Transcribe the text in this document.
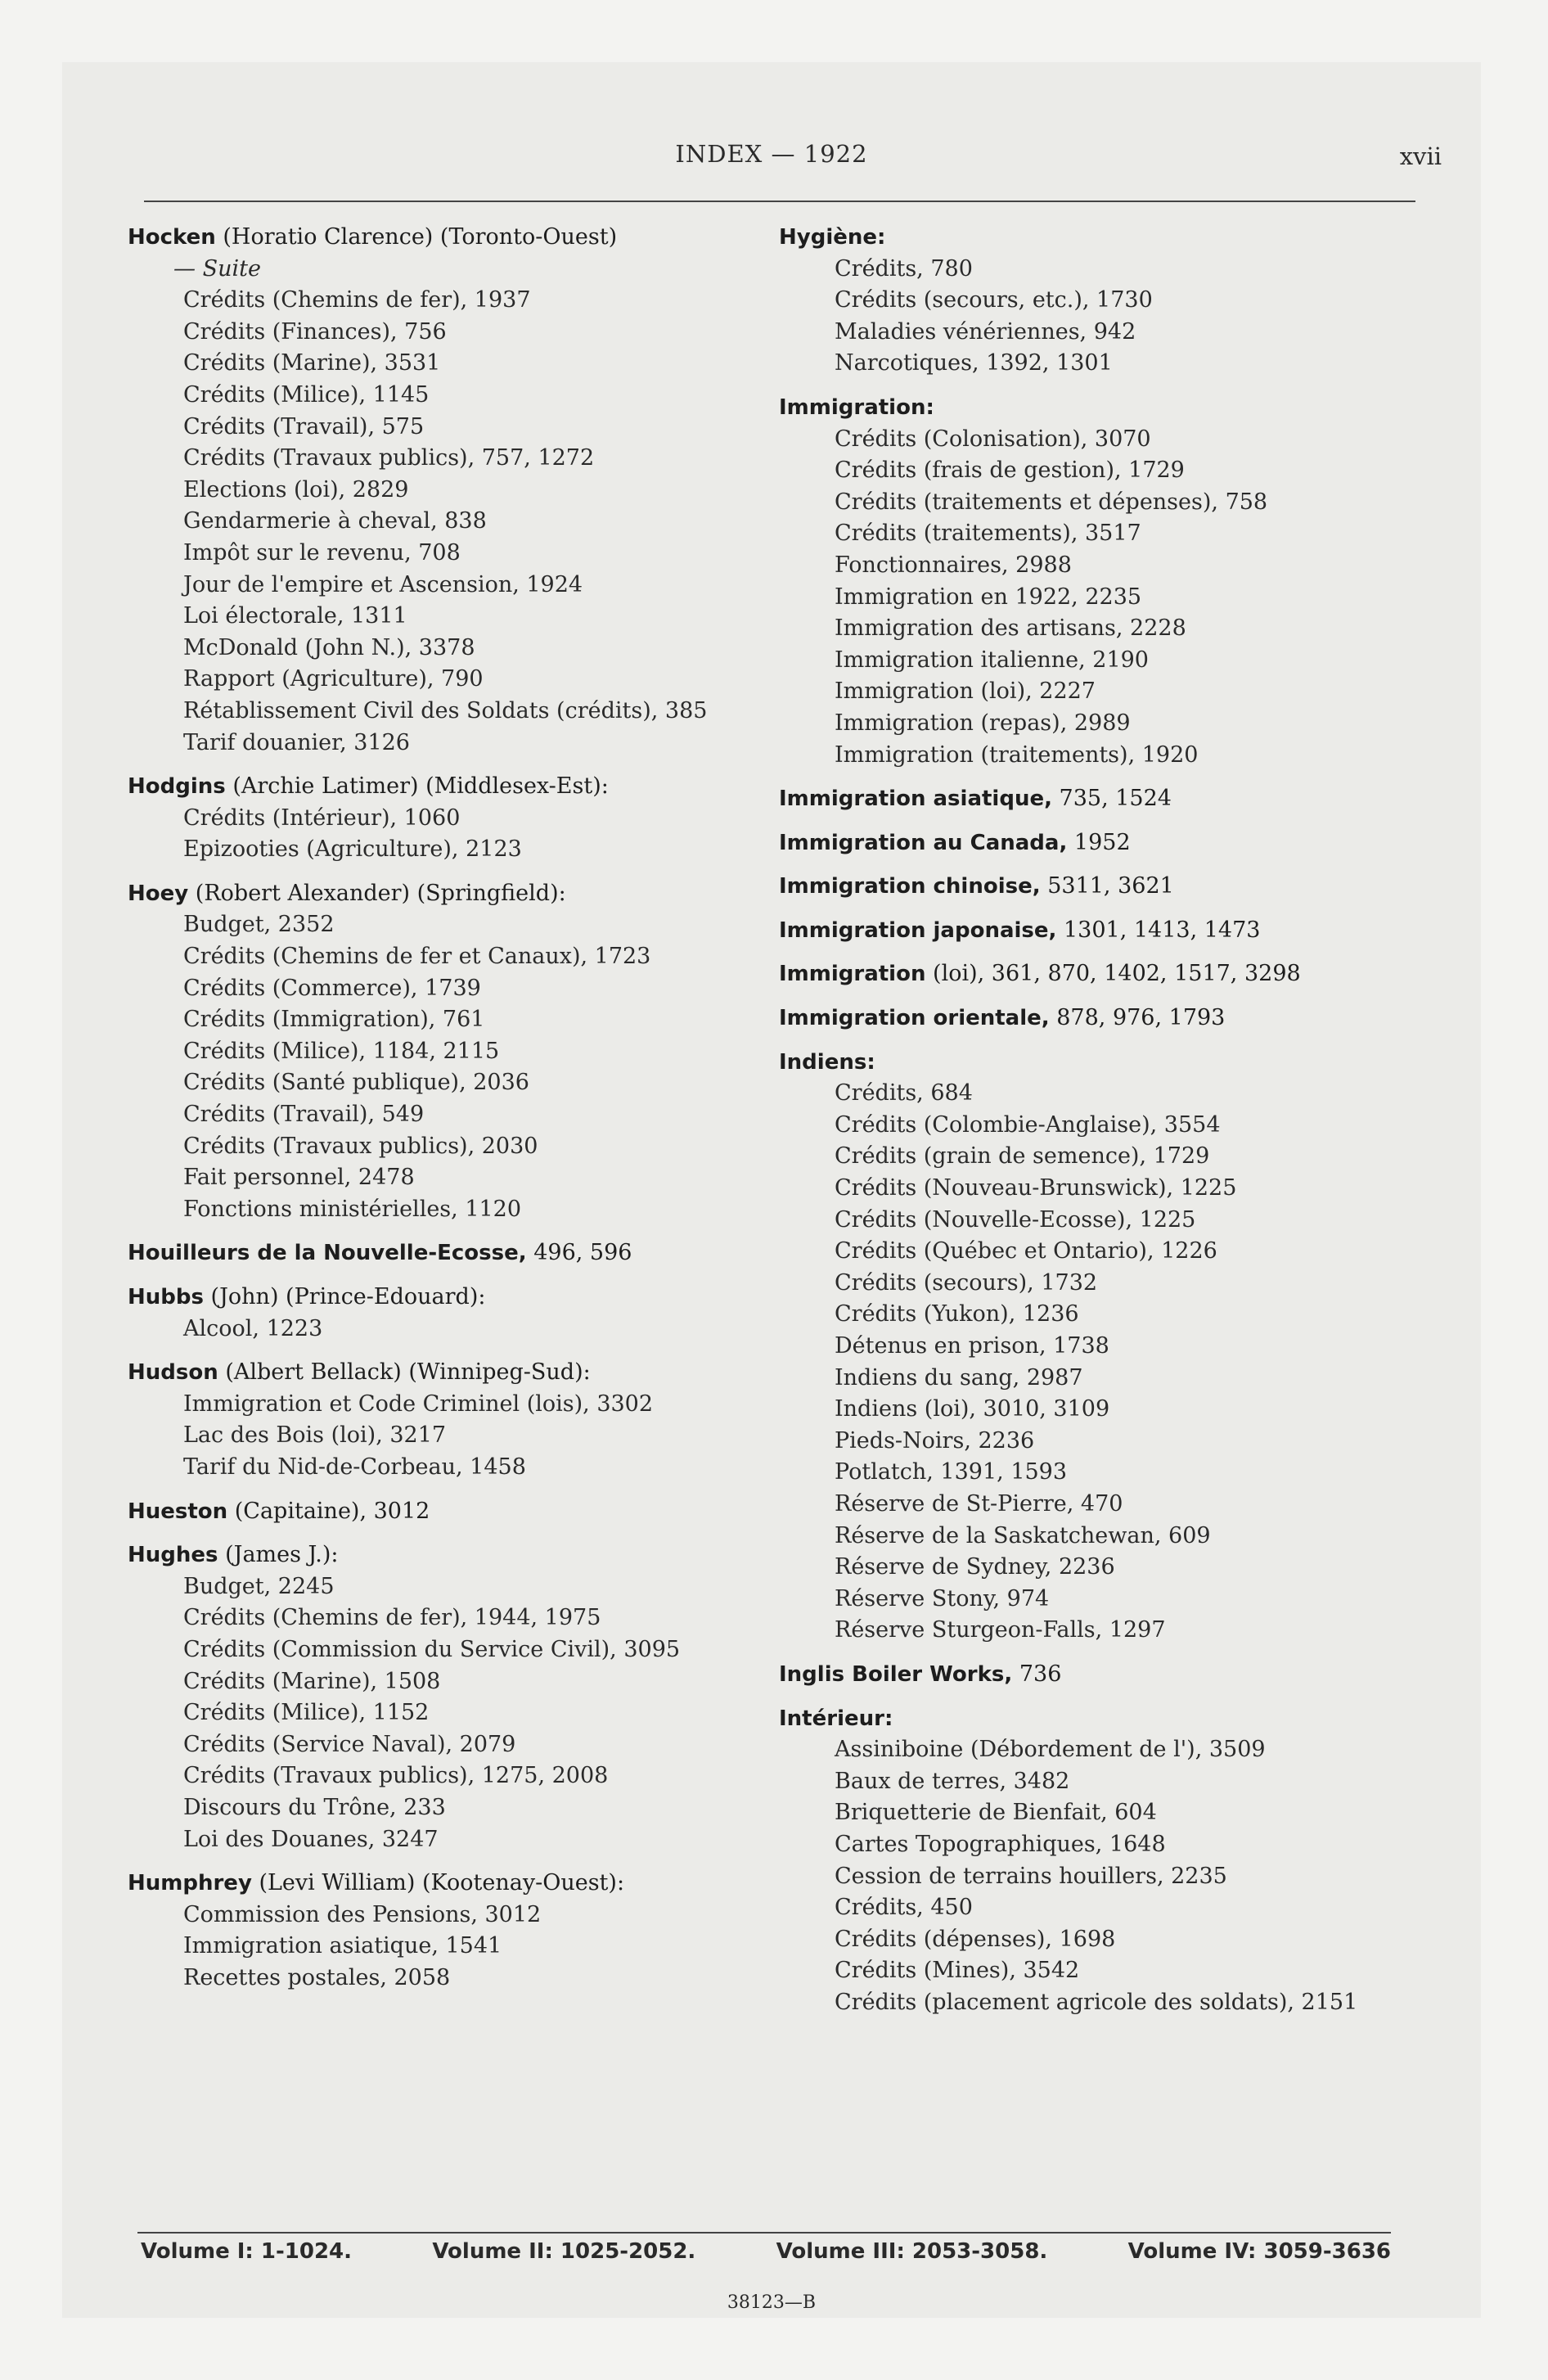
INDEX — 1922	xvii
Hocken (Horatio Clarence) (Toronto-Ouest)
— Suite
Crédits (Chemins de fer), 1937
Crédits (Finances), 756
Crédits (Marine), 3531
Crédits (Milice), 1145
Crédits (Travail), 575
Crédits (Travaux publics), 757, 1272
Elections (loi), 2829
Gendarmerie à cheval, 838
Impôt sur le revenu, 708
Jour de l'empire et Ascension, 1924
Loi électorale, 1311
McDonald (John N.), 3378
Rapport (Agriculture), 790
Rétablissement Civil des Soldats (crédits), 385
Tarif douanier, 3126
Hodgins (Archie Latimer) (Middlesex-Est):
Crédits (Intérieur), 1060
Epizooties (Agriculture), 2123
Hoey (Robert Alexander) (Springfield):
Budget, 2352
Crédits (Chemins de fer et Canaux), 1723
Crédits (Commerce), 1739
Crédits (Immigration), 761
Crédits (Milice), 1184, 2115
Crédits (Santé publique), 2036
Crédits (Travail), 549
Crédits (Travaux publics), 2030
Fait personnel, 2478
Fonctions ministérielles, 1120
Houilleurs de la Nouvelle-Ecosse, 496, 596
Hubbs (John) (Prince-Edouard):
Alcool, 1223
Hudson (Albert Bellack) (Winnipeg-Sud):
Immigration et Code Criminel (lois), 3302
Lac des Bois (loi), 3217
Tarif du Nid-de-Corbeau, 1458
Hueston (Capitaine), 3012
Hughes (James J.):
Budget, 2245
Crédits (Chemins de fer), 1944, 1975
Crédits (Commission du Service Civil), 3095
Crédits (Marine), 1508
Crédits (Milice), 1152
Crédits (Service Naval), 2079
Crédits (Travaux publics), 1275, 2008
Discours du Trône, 233
Loi des Douanes, 3247
Humphrey (Levi William) (Kootenay-Ouest):
Commission des Pensions, 3012
Immigration asiatique, 1541
Recettes postales, 2058
Hygiène:
Crédits, 780
Crédits (secours, etc.), 1730
Maladies vénériennes, 942
Narcotiques, 1392, 1301
Immigration:
Crédits (Colonisation), 3070
Crédits (frais de gestion), 1729
Crédits (traitements et dépenses), 758
Crédits (traitements), 3517
Fonctionnaires, 2988
Immigration en 1922, 2235
Immigration des artisans, 2228
Immigration italienne, 2190
Immigration (loi), 2227
Immigration (repas), 2989
Immigration (traitements), 1920
Immigration asiatique, 735, 1524
Immigration au Canada, 1952
Immigration chinoise, 5311, 3621
Immigration japonaise, 1301, 1413, 1473
Immigration (loi), 361, 870, 1402, 1517, 3298
Immigration orientale, 878, 976, 1793
Indiens:
Crédits, 684
Crédits (Colombie-Anglaise), 3554
Crédits (grain de semence), 1729
Crédits (Nouveau-Brunswick), 1225
Crédits (Nouvelle-Ecosse), 1225
Crédits (Québec et Ontario), 1226
Crédits (secours), 1732
Crédits (Yukon), 1236
Détenus en prison, 1738
Indiens du sang, 2987
Indiens (loi), 3010, 3109
Pieds-Noirs, 2236
Potlatch, 1391, 1593
Réserve de St-Pierre, 470
Réserve de la Saskatchewan, 609
Réserve de Sydney, 2236
Réserve Stony, 974
Réserve Sturgeon-Falls, 1297
Inglis Boiler Works, 736
Intérieur:
Assiniboine (Débordement de l'), 3509
Baux de terres, 3482
Briquetterie de Bienfait, 604
Cartes Topographiques, 1648
Cession de terrains houillers, 2235
Crédits, 450
Crédits (dépenses), 1698
Crédits (Mines), 3542
Crédits (placement agricole des soldats), 2151
Volume I: 1-1024.	Volume II: 1025-2052.	Volume III: 2053-3058.	Volume IV: 3059-3636
38123—B
